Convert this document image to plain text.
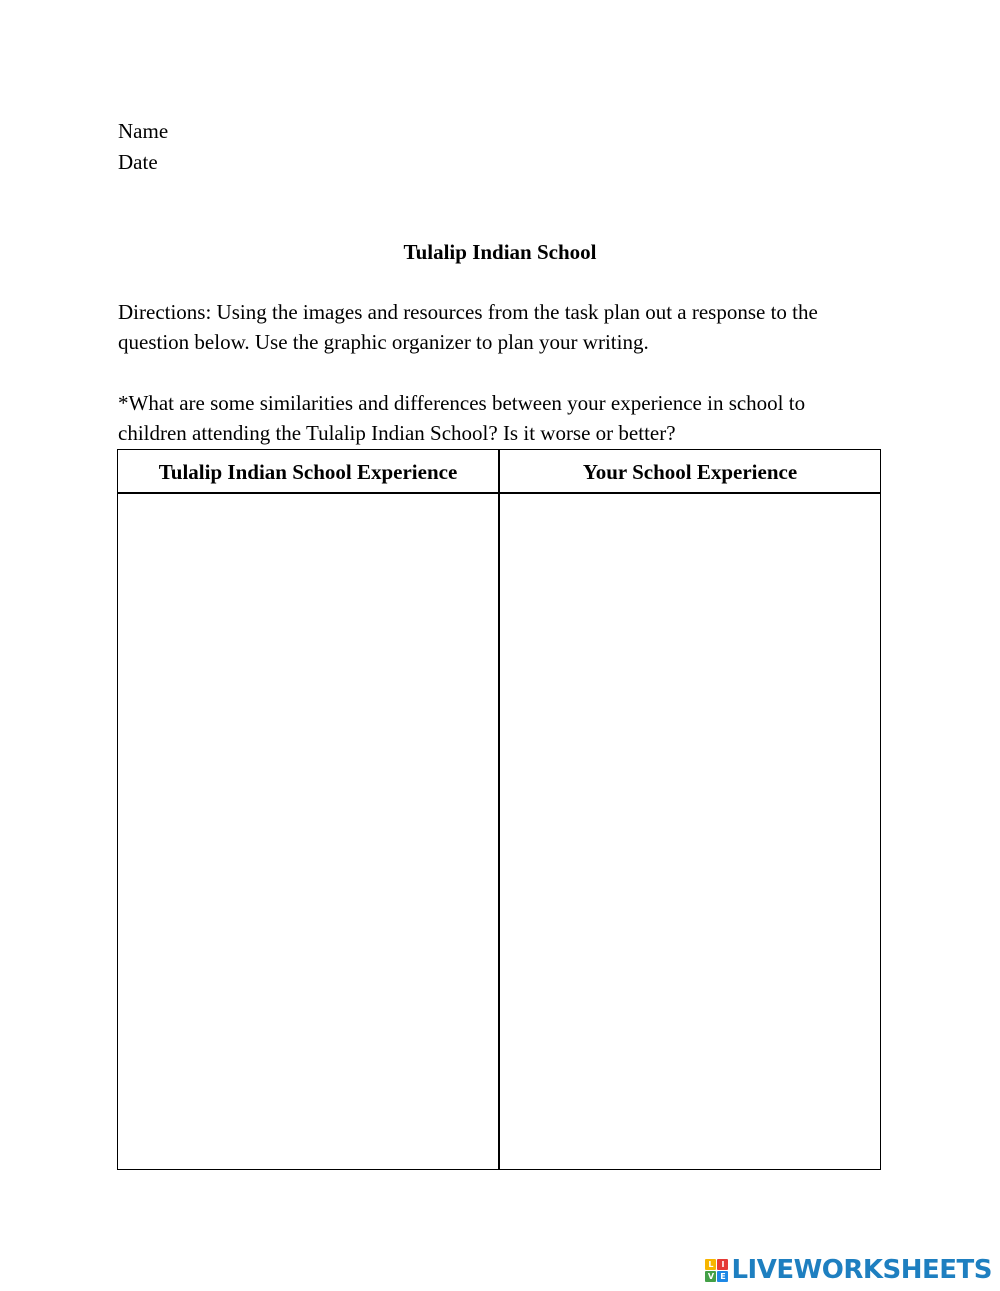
Name
Date
Tulalip Indian School
Directions: Using the images and resources from the task plan out a response to the
question below. Use the graphic organizer to plan your writing.
*What are some similarities and differences between your experience in school to
children attending the Tulalip Indian School? Is it worse or better?
Tulalip Indian School Experience	Your School Experience
L I
V E LIVEWORKSHEETS
